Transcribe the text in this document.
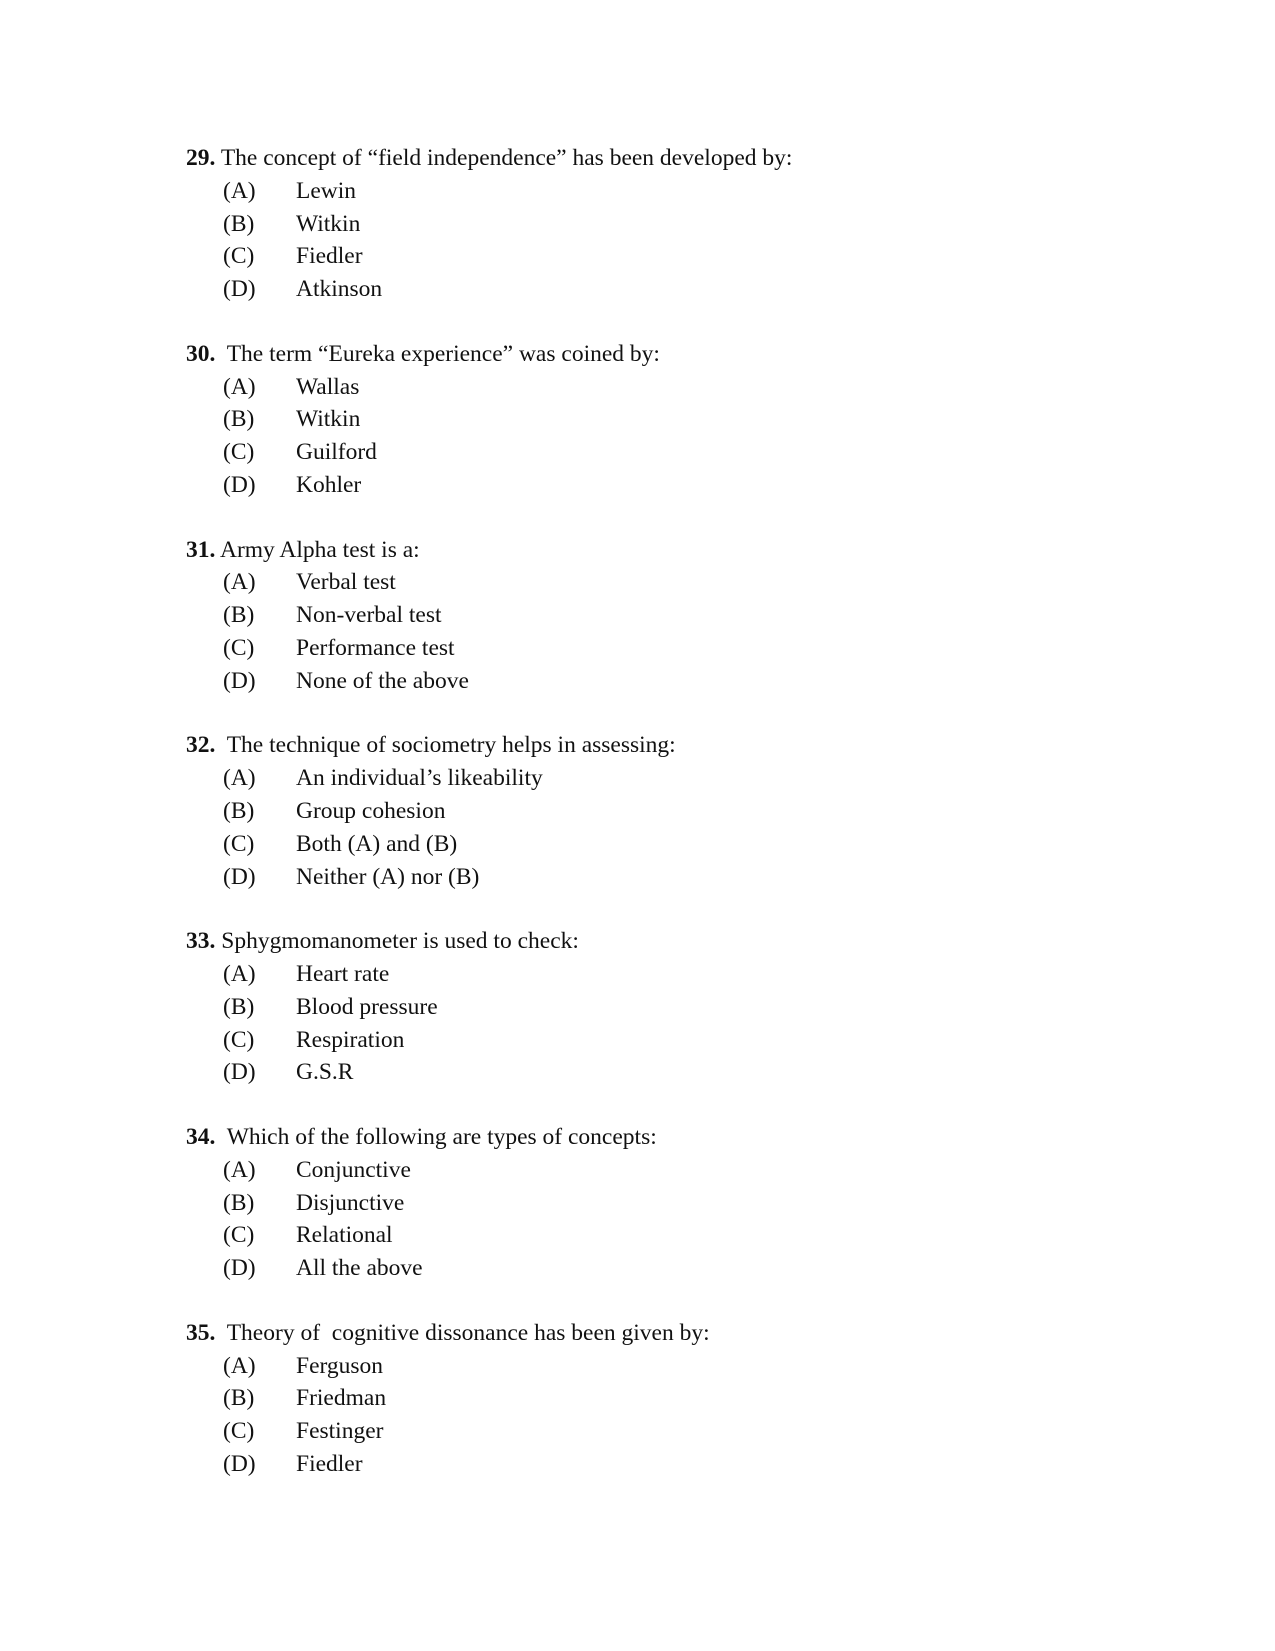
29. The concept of “field independence” has been developed by:
(A) Lewin
(B) Witkin
(C) Fiedler
(D) Atkinson
30. The term “Eureka experience” was coined by:
(A) Wallas
(B) Witkin
(C) Guilford
(D) Kohler
31. Army Alpha test is a:
(A) Verbal test
(B) Non-verbal test
(C) Performance test
(D) None of the above
32. The technique of sociometry helps in assessing:
(A) An individual’s likeability
(B) Group cohesion
(C) Both (A) and (B)
(D) Neither (A) nor (B)
33. Sphygmomanometer is used to check:
(A) Heart rate
(B) Blood pressure
(C) Respiration
(D) G.S.R
34. Which of the following are types of concepts:
(A) Conjunctive
(B) Disjunctive
(C) Relational
(D) All the above
35. Theory of  cognitive dissonance has been given by:
(A) Ferguson
(B) Friedman
(C) Festinger
(D) Fiedler
